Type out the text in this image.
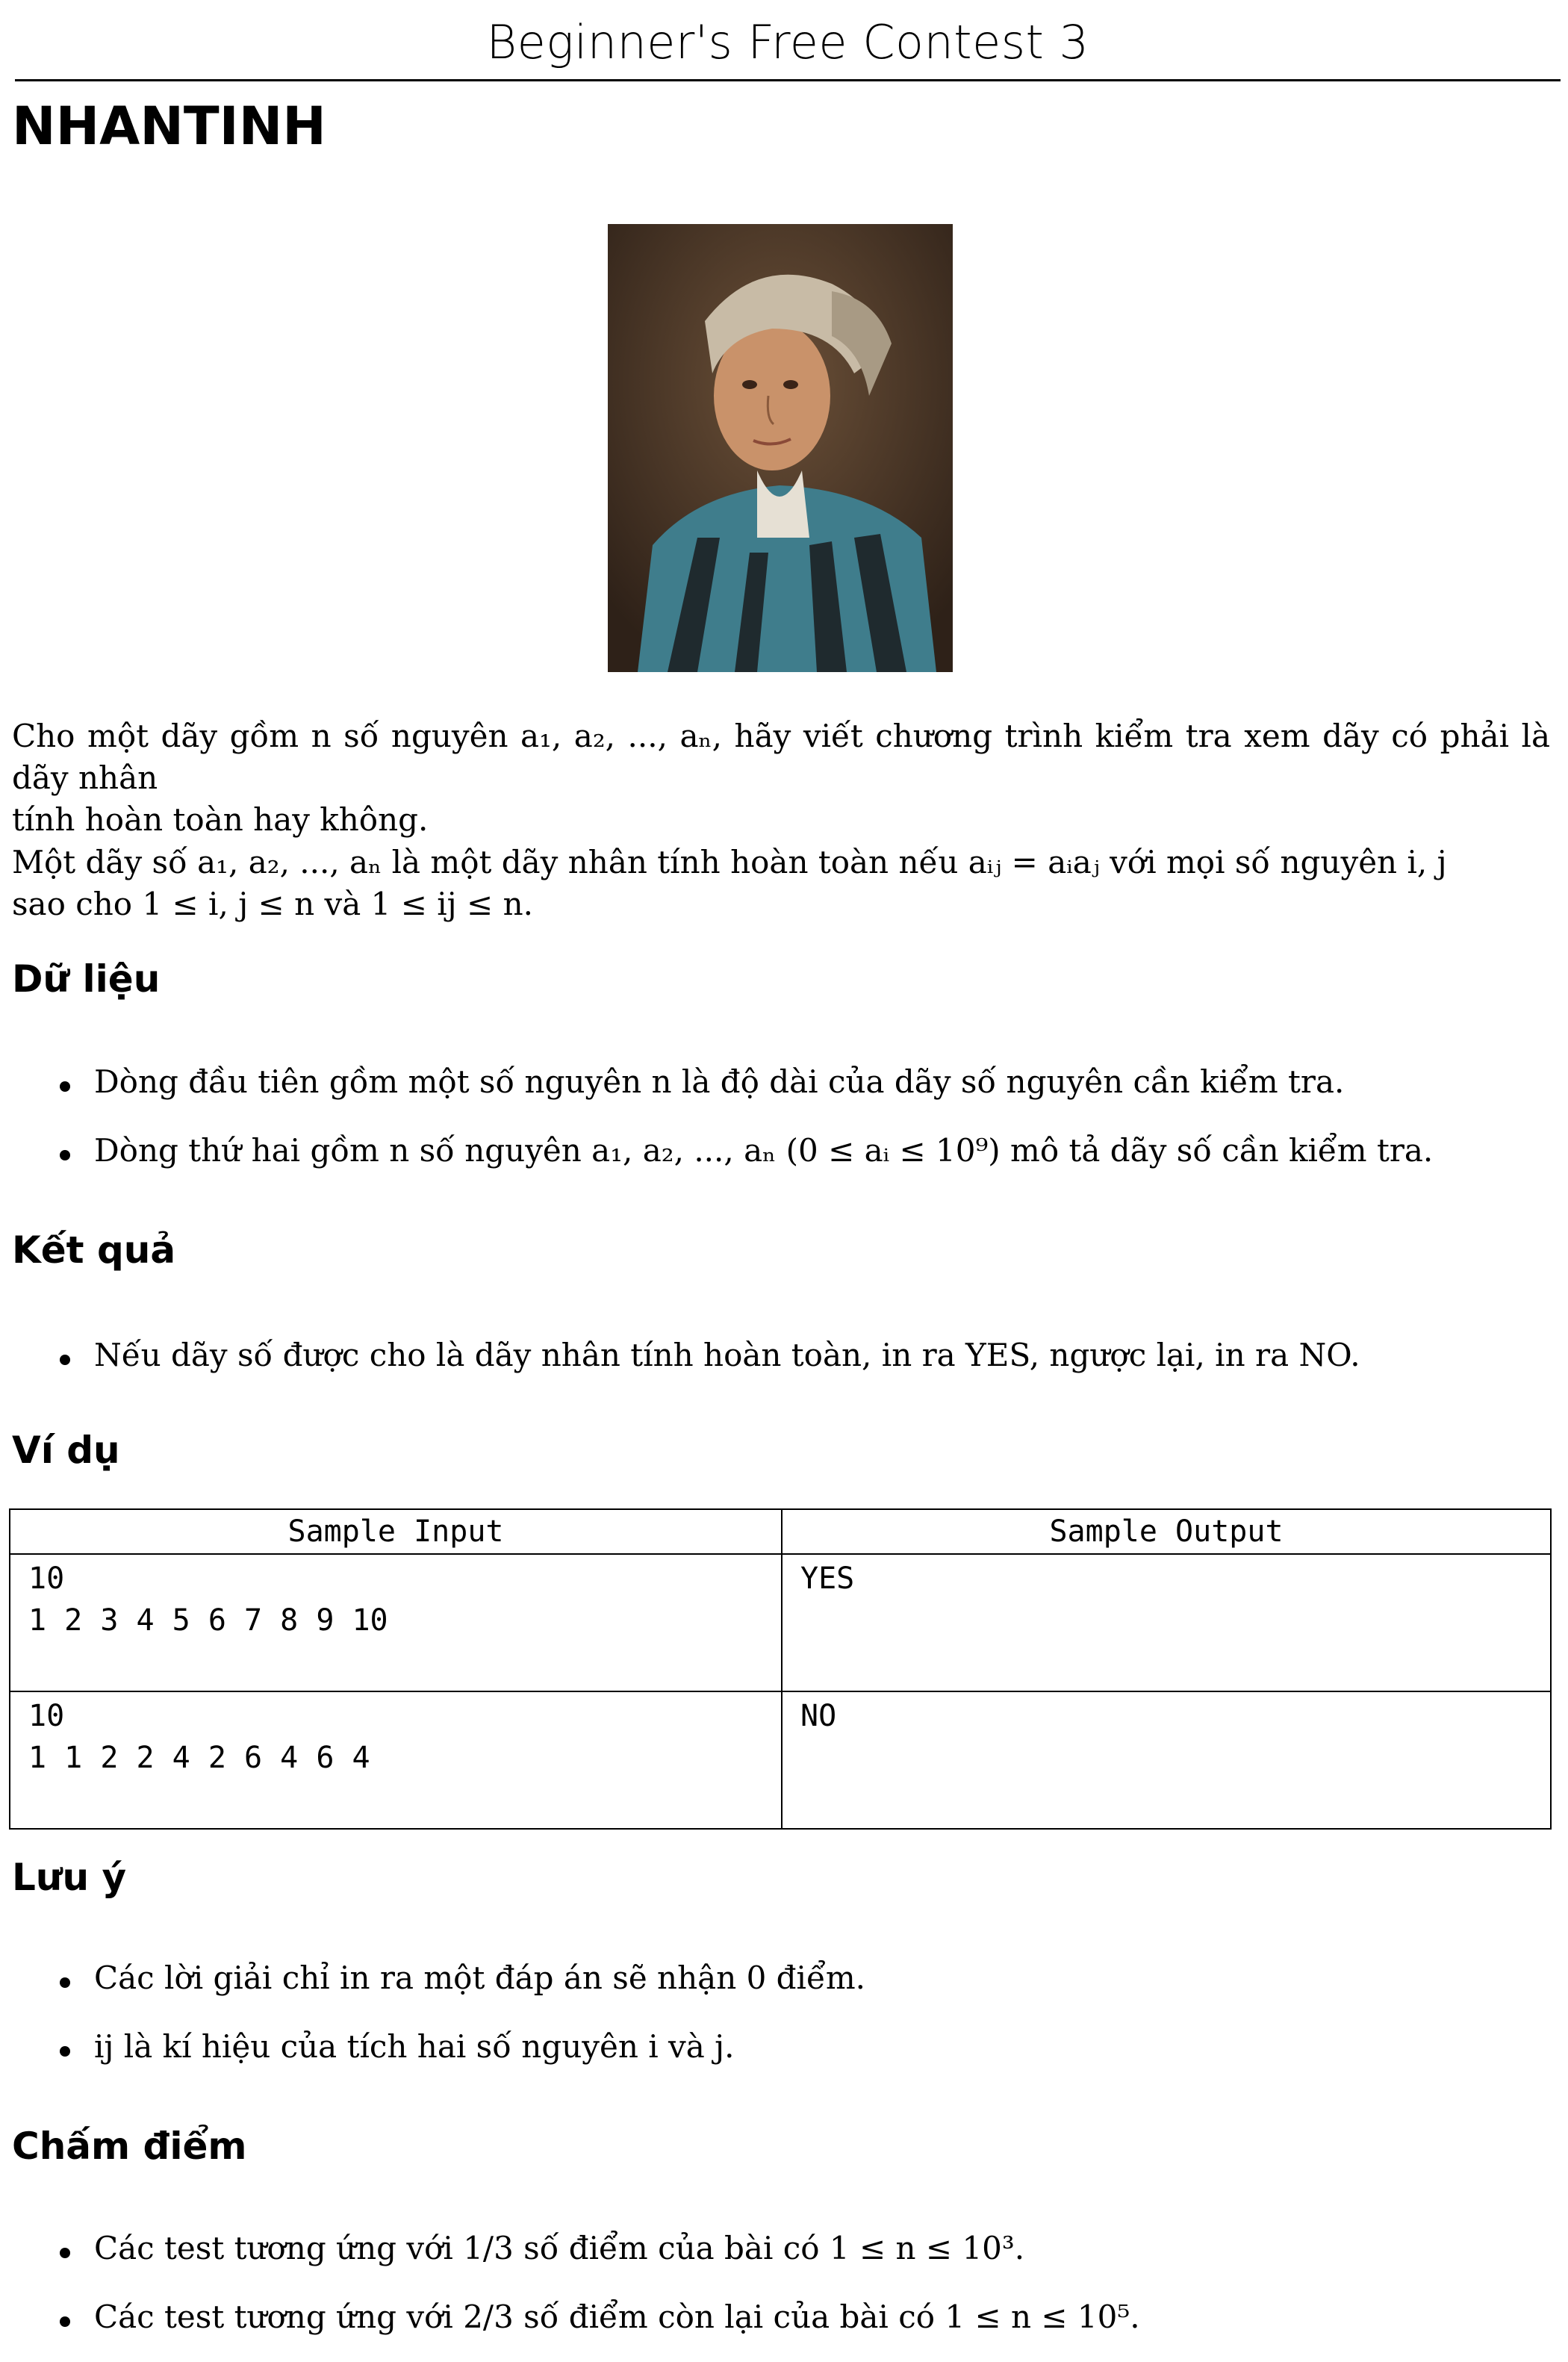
Beginner's Free Contest 3
NHANTINH
Cho một dãy gồm n số nguyên a₁, a₂, ..., aₙ, hãy viết chương trình kiểm tra xem dãy có phải là dãy nhân
tính hoàn toàn hay không.
Một dãy số a₁, a₂, ..., aₙ là một dãy nhân tính hoàn toàn nếu aᵢⱼ = aᵢaⱼ với mọi số nguyên i, j
sao cho 1 ≤ i, j ≤ n và 1 ≤ ij ≤ n.
Dữ liệu
Dòng đầu tiên gồm một số nguyên n là độ dài của dãy số nguyên cần kiểm tra.
Dòng thứ hai gồm n số nguyên a₁, a₂, ..., aₙ (0 ≤ aᵢ ≤ 10⁹) mô tả dãy số cần kiểm tra.
Kết quả
Nếu dãy số được cho là dãy nhân tính hoàn toàn, in ra YES, ngược lại, in ra NO.
Ví dụ
Sample Input	Sample Output

10
1 2 3 4 5 6 7 8 9 10	YES

10
1 1 2 2 4 2 6 4 6 4	NO
Lưu ý
Các lời giải chỉ in ra một đáp án sẽ nhận 0 điểm.
ij là kí hiệu của tích hai số nguyên i và j.
Chấm điểm
Các test tương ứng với 1/3 số điểm của bài có 1 ≤ n ≤ 10³.
Các test tương ứng với 2/3 số điểm còn lại của bài có 1 ≤ n ≤ 10⁵.
